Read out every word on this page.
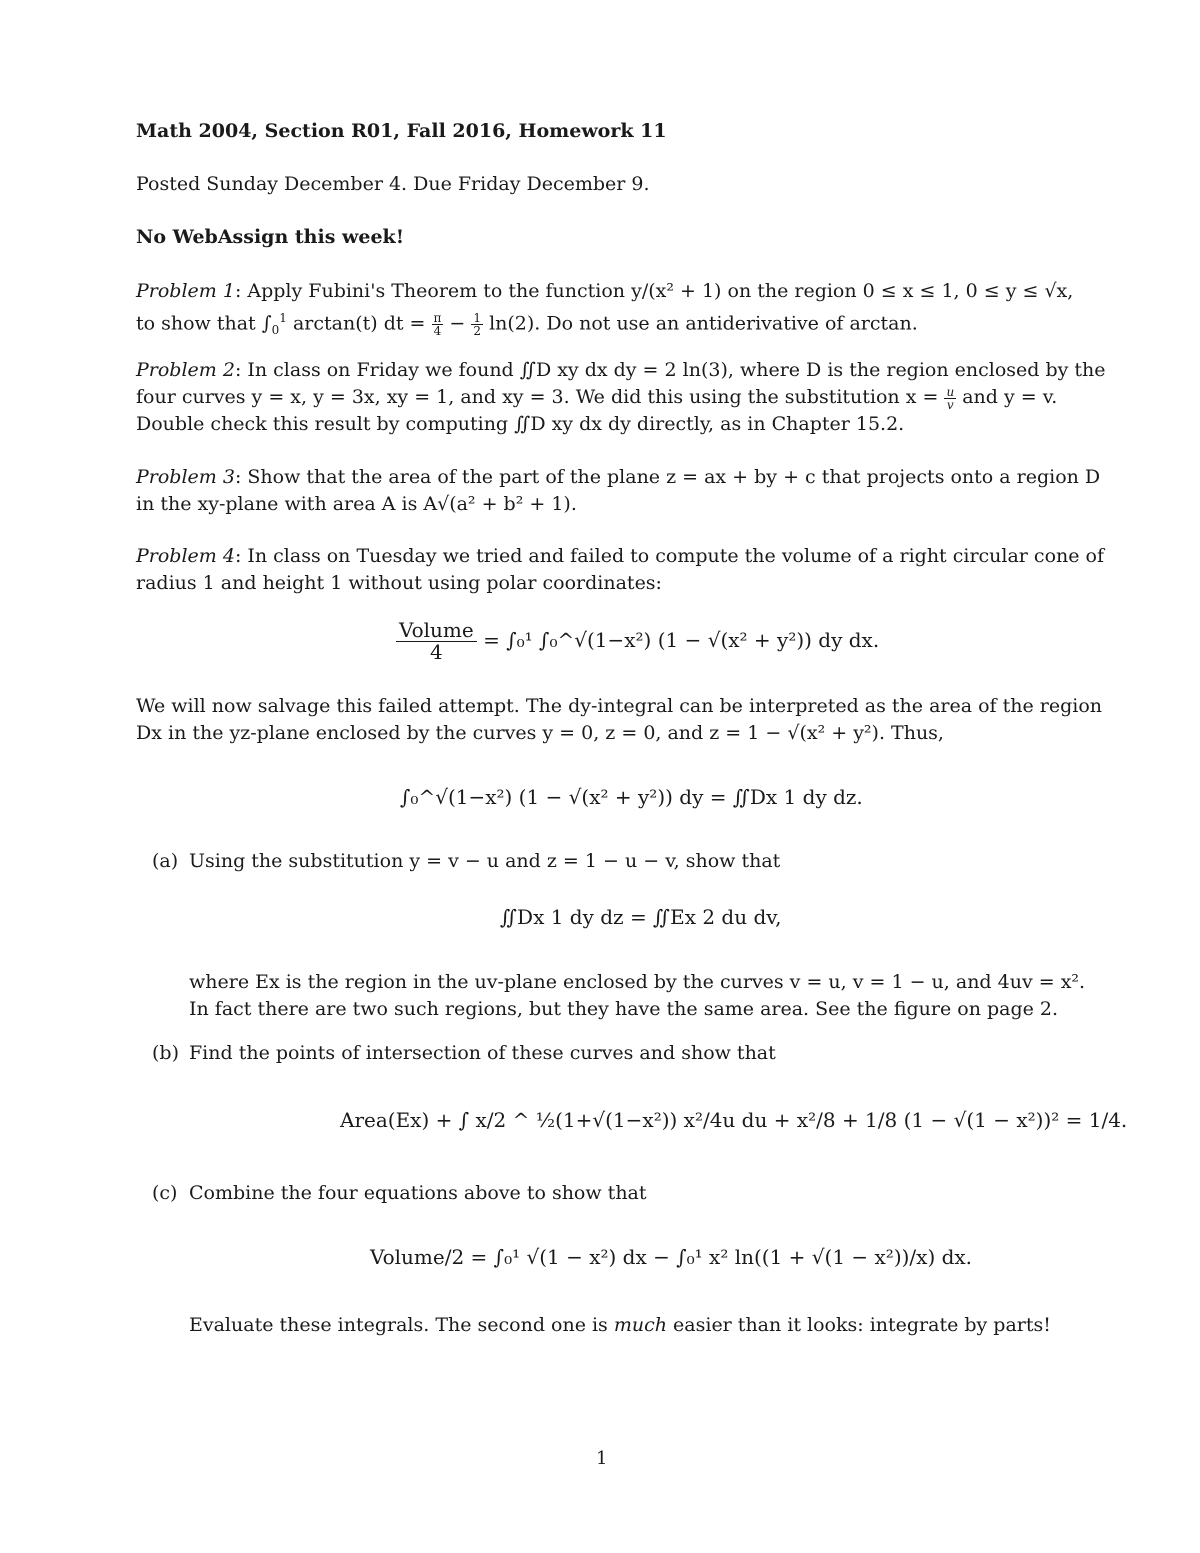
Math 2004, Section R01, Fall 2016, Homework 11
Posted Sunday December 4. Due Friday December 9.
No WebAssign this week!
Problem 1: Apply Fubini's Theorem to the function y/(x² + 1) on the region 0 ≤ x ≤ 1, 0 ≤ y ≤ √x,
to show that $\int_0^1$ arctan(t) dt = $\frac{\pi}{4} - \frac{1}{2} \ln(2)$. Do not use an antiderivative of arctan.
Problem 2: In class on Friday we found ∬D xy dx dy = 2 ln(3), where D is the region enclosed by the
four curves y = x, y = 3x, xy = 1, and xy = 3. We did this using the substitution $x = \frac{u}{v}$ and y = v.
Double check this result by computing ∬D xy dx dy directly, as in Chapter 15.2.
Problem 3: Show that the area of the part of the plane z = ax + by + c that projects onto a region D
in the xy-plane with area A is A√(a² + b² + 1).
Problem 4: In class on Tuesday we tried and failed to compute the volume of a right circular cone of
radius 1 and height 1 without using polar coordinates:
$\frac{\text{Volume}}{4} = \int_0^1$ ∫₀^√(1−x²) (1 − √(x² + y²)) dy dx.
We will now salvage this failed attempt. The dy-integral can be interpreted as the area of the region
Dx in the yz-plane enclosed by the curves y = 0, z = 0, and z = 1 − √(x² + y²). Thus,
∫₀^√(1−x²) (1 − √(x² + y²)) dy = ∬Dx 1 dy dz.
(a) Using the substitution y = v − u and z = 1 − u − v, show that
∬Dx 1 dy dz = ∬Ex 2 du dv,
where Ex is the region in the uv-plane enclosed by the curves v = u, v = 1 − u, and 4uv = x².
In fact there are two such regions, but they have the same area. See the figure on page 2.
(b) Find the points of intersection of these curves and show that
Area(Ex) + ∫ x/2 ^ ½(1+√(1−x²)) x²/4u du + x²/8 + 1/8 (1 − √(1 − x²))² = 1/4.
(c) Combine the four equations above to show that
Volume/2 = ∫₀¹ √(1 − x²) dx − ∫₀¹ x² ln((1 + √(1 − x²))/x) dx.
Evaluate these integrals. The second one is much easier than it looks: integrate by parts!
1
